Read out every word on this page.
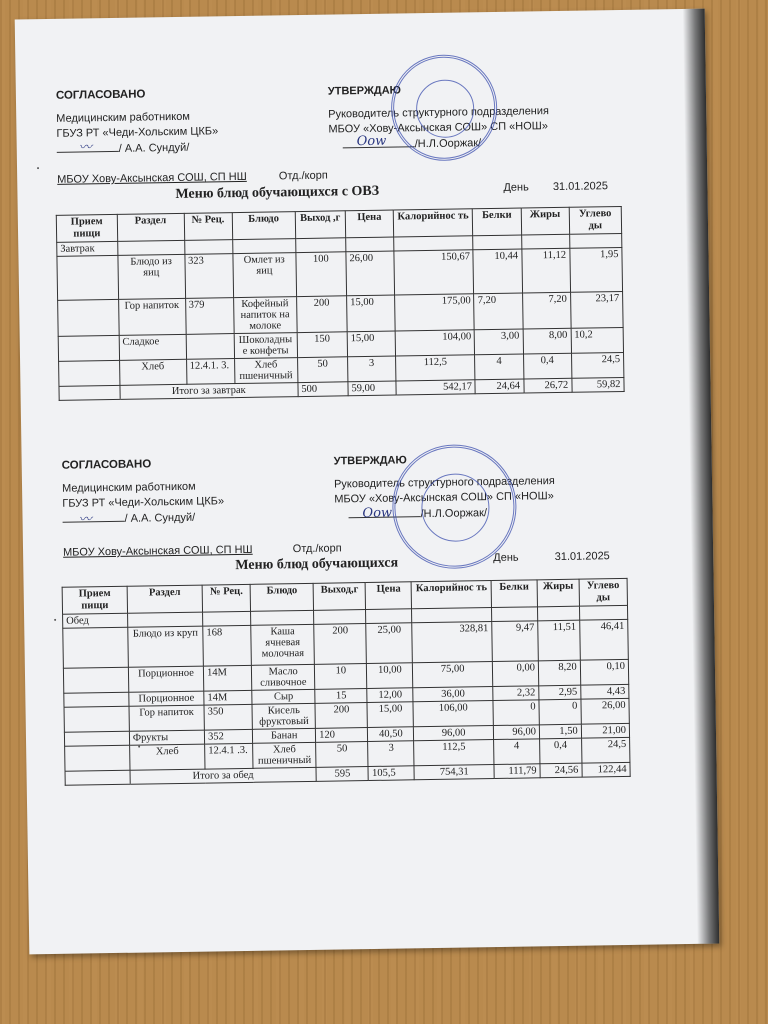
СОГЛАСОВАНО
Медицинским работником
ГБУЗ РТ «Чеди-Хольским ЦКБ»
/ А.А. Сундуй/
〰
УТВЕРЖДАЮ
Руководитель структурного подразделения
МБОУ «Хову-Аксынская СОШ» СП «НОШ»
/Н.Л.Ооржак/
Ооw
МБОУ Хову-Аксынская СОШ, СП НШ	Отд./корп
Меню блюд обучающихся с ОВЗ	День 31.01.2025
Прием пищи	Раздел	№ Рец.	Блюдо	Выход ,г	Цена	Калорийнос ть	Белки	Жиры	Углево ды
Завтрак									
	Блюдо из яиц	323	Омлет из яиц	100	26,00	150,67	10,44	11,12	1,95
	Гор напиток	379	Кофейный напиток на молоке	200	15,00	175,00	7,20	7,20	23,17
	Сладкое		Шоколадны е конфеты	150	15,00	104,00	3,00	8,00	10,2
	Хлеб	12.4.1. 3.	Хлеб пшеничный	50	3	112,5	4	0,4	24,5
	Итого за завтрак			500	59,00	542,17	24,64	26,72	59,82
СОГЛАСОВАНО
Медицинским работником
ГБУЗ РТ «Чеди-Хольским ЦКБ»
/ А.А. Сундуй/
〰
УТВЕРЖДАЮ
Руководитель структурного подразделения
МБОУ «Хову-Аксынская СОШ» СП «НОШ»
/Н.Л.Ооржак/
Ооw
МБОУ Хову-Аксынская СОШ, СП НШ	Отд./корп
Меню блюд обучающихся	День	31.01.2025
Прием пищи	Раздел	№ Рец.	Блюдо	Выход,г	Цена	Калорийнос ть	Белки	Жиры	Углево ды
Обед									
	Блюдо из круп	168	Каша ячневая молочная	200	25,00	328,81	9,47	11,51	46,41
	Порционное	14М	Масло сливочное	10	10,00	75,00	0,00	8,20	0,10
	Порционное	14М	Сыр	15	12,00	36,00	2,32	2,95	4,43
	Гор напиток	350	Кисель фруктовый	200	15,00	106,00	0	0	26,00
	Фрукты	352	Банан	120	40,50	96,00	96,00	1,50	21,00
	Хлеб	12.4.1 .3.	Хлеб пшеничный	50	3	112,5	4	0,4	24,5
	Итого за обед			595	105,5	754,31	111,79	24,56	122,44
